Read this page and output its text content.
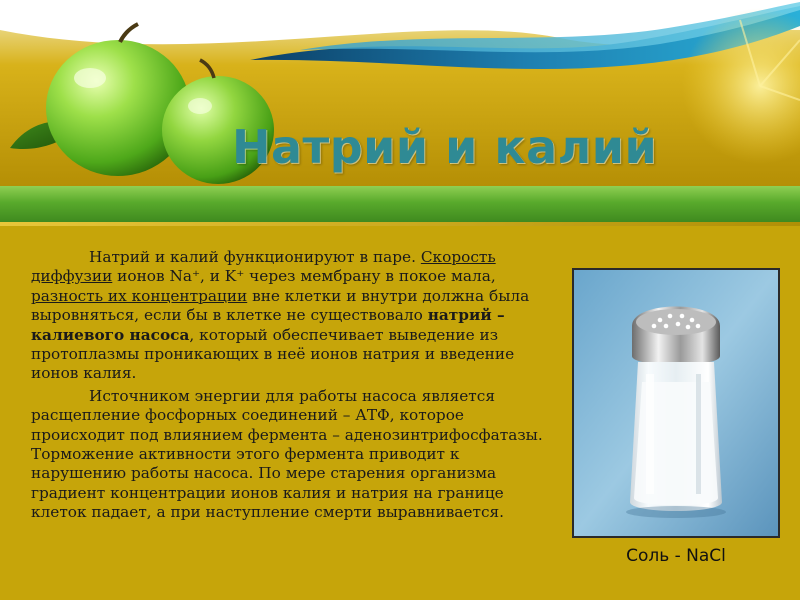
Натрий и калий

Натрий и калий функционируют в паре. Скорость диффузии ионов Na⁺, и K⁺ через мембрану в покое мала, разность их концентрации вне клетки и внутри должна была выровняться, если бы в клетке не существовало натрий – калиевого насоса, который обеспечивает выведение из протоплазмы проникающих в неё ионов натрия и введение ионов калия.

Источником энергии для работы насоса является расщепление фосфорных соединений – АТФ, которое происходит под влиянием фермента – аденозинтрифосфатазы. Торможение активности этого фермента приводит к нарушению работы насоса. По мере старения организма градиент концентрации ионов калия и натрия на границе клеток падает, а при наступление смерти выравнивается.

Соль - NaCl
